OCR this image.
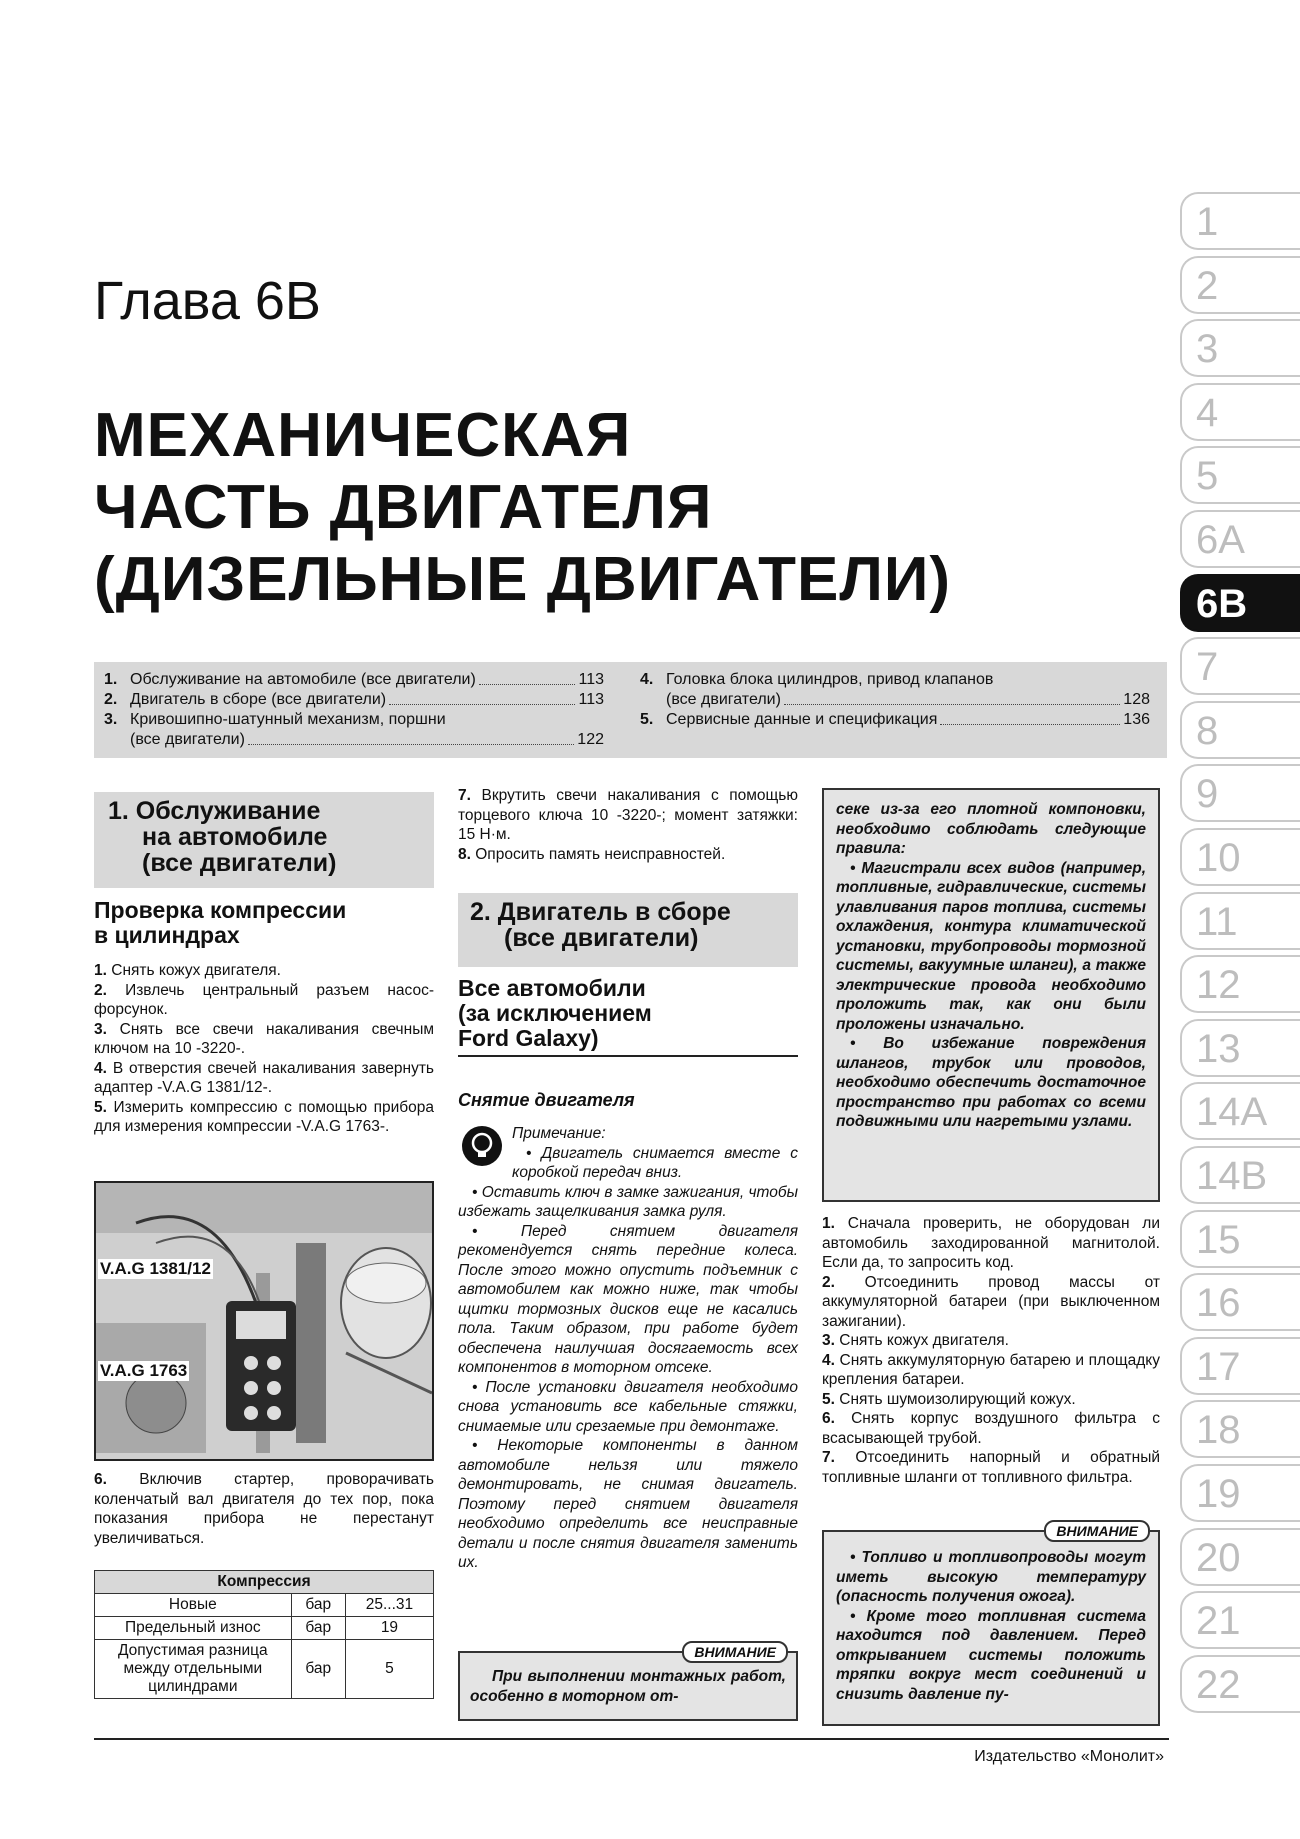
1
2
3
4
5
6A
6B
7
8
9
10
11
12
13
14A
14B
15
16
17
18
19
20
21
22
Глава 6B
МЕХАНИЧЕСКАЯ
ЧАСТЬ ДВИГАТЕЛЯ
(ДИЗЕЛЬНЫЕ ДВИГАТЕЛИ)
1. Обслуживание на автомобиле (все двигатели)	113
2. Двигатель в сборе (все двигатели)	113
3. Кривошипно-шатунный механизм, поршни
(все двигатели)	122
4. Головка блока цилиндров, привод клапанов
(все двигатели)	128
5. Сервисные данные и спецификация	136
1. Обслуживание
на автомобиле
(все двигатели)
Проверка компрессии
в цилиндрах

1. Снять кожух двигателя.

2. Извлечь центральный разъем насос-форсунок.

3. Снять все свечи накаливания свечным ключом на 10 -3220-.

4. В отверстия свечей накаливания завернуть адаптер -V.A.G 1381/12-.

5. Измерить компрессию с помощью прибора для измерения компрессии -V.A.G 1763-.

V.A.G 1381/12
V.A.G 1763

6. Включив стартер, проворачивать коленчатый вал двигателя до тех пор, пока показания прибора не перестанут увеличиваться.

Компрессия		
Новые	бар	25...31
Предельный износ	бар	19
Допустимая разница между отдельными цилиндрами	бар	5

7. Вкрутить свечи накаливания с помощью торцевого ключа 10 -3220-; момент затяжки: 15 Н·м.

8. Опросить память неисправностей.

2. Двигатель в сборе
(все двигатели)
Все автомобили
(за исключением
Ford Galaxy)
Снятие двигателя

Примечание:

• Двигатель снимается вместе с коробкой передач вниз.

• Оставить ключ в замке зажигания, чтобы избежать защелкивания замка руля.

• Перед снятием двигателя рекомендуется снять передние колеса. После этого можно опустить подъемник с автомобилем как можно ниже, так чтобы щитки тормозных дисков еще не касались пола. Таким образом, при работе будет обеспечена наилучшая досягаемость всех компонентов в моторном отсеке.

• После установки двигателя необходимо снова установить все кабельные стяжки, снимаемые или срезаемые при демонтаже.

• Некоторые компоненты в данном автомобиле нельзя или тяжело демонтировать, не снимая двигатель. Поэтому перед снятием двигателя необходимо определить все неисправные детали и после снятия двигателя заменить их.

ВНИМАНИЕ
При выполнении монтажных работ, особенно в моторном от-

секе из-за его плотной компоновки, необходимо соблюдать следующие правила:

• Магистрали всех видов (например, топливные, гидравлические, системы улавливания паров топлива, системы охлаждения, контура климатической установки, трубопроводы тормозной системы, вакуумные шланги), а также электрические провода необходимо проложить так, как они были проложены изначально.

• Во избежание повреждения шлангов, трубок или проводов, необходимо обеспечить достаточное пространство при работах со всеми подвижными или нагретыми узлами.

1. Сначала проверить, не оборудован ли автомобиль заходированной магнитолой. Если да, то запросить код.

2. Отсоединить провод массы от аккумуляторной батареи (при выключенном зажигании).

3. Снять кожух двигателя.

4. Снять аккумуляторную батарею и площадку крепления батареи.

5. Снять шумоизолирующий кожух.

6. Снять корпус воздушного фильтра с всасывающей трубой.

7. Отсоединить напорный и обратный топливные шланги от топливного фильтра.

ВНИМАНИЕ

• Топливо и топливопроводы могут иметь высокую температуру (опасность получения ожога).

• Кроме того топливная система находится под давлением. Перед открыванием системы положить тряпки вокруг мест соединений и снизить давление пу-

Издательство «Монолит»
